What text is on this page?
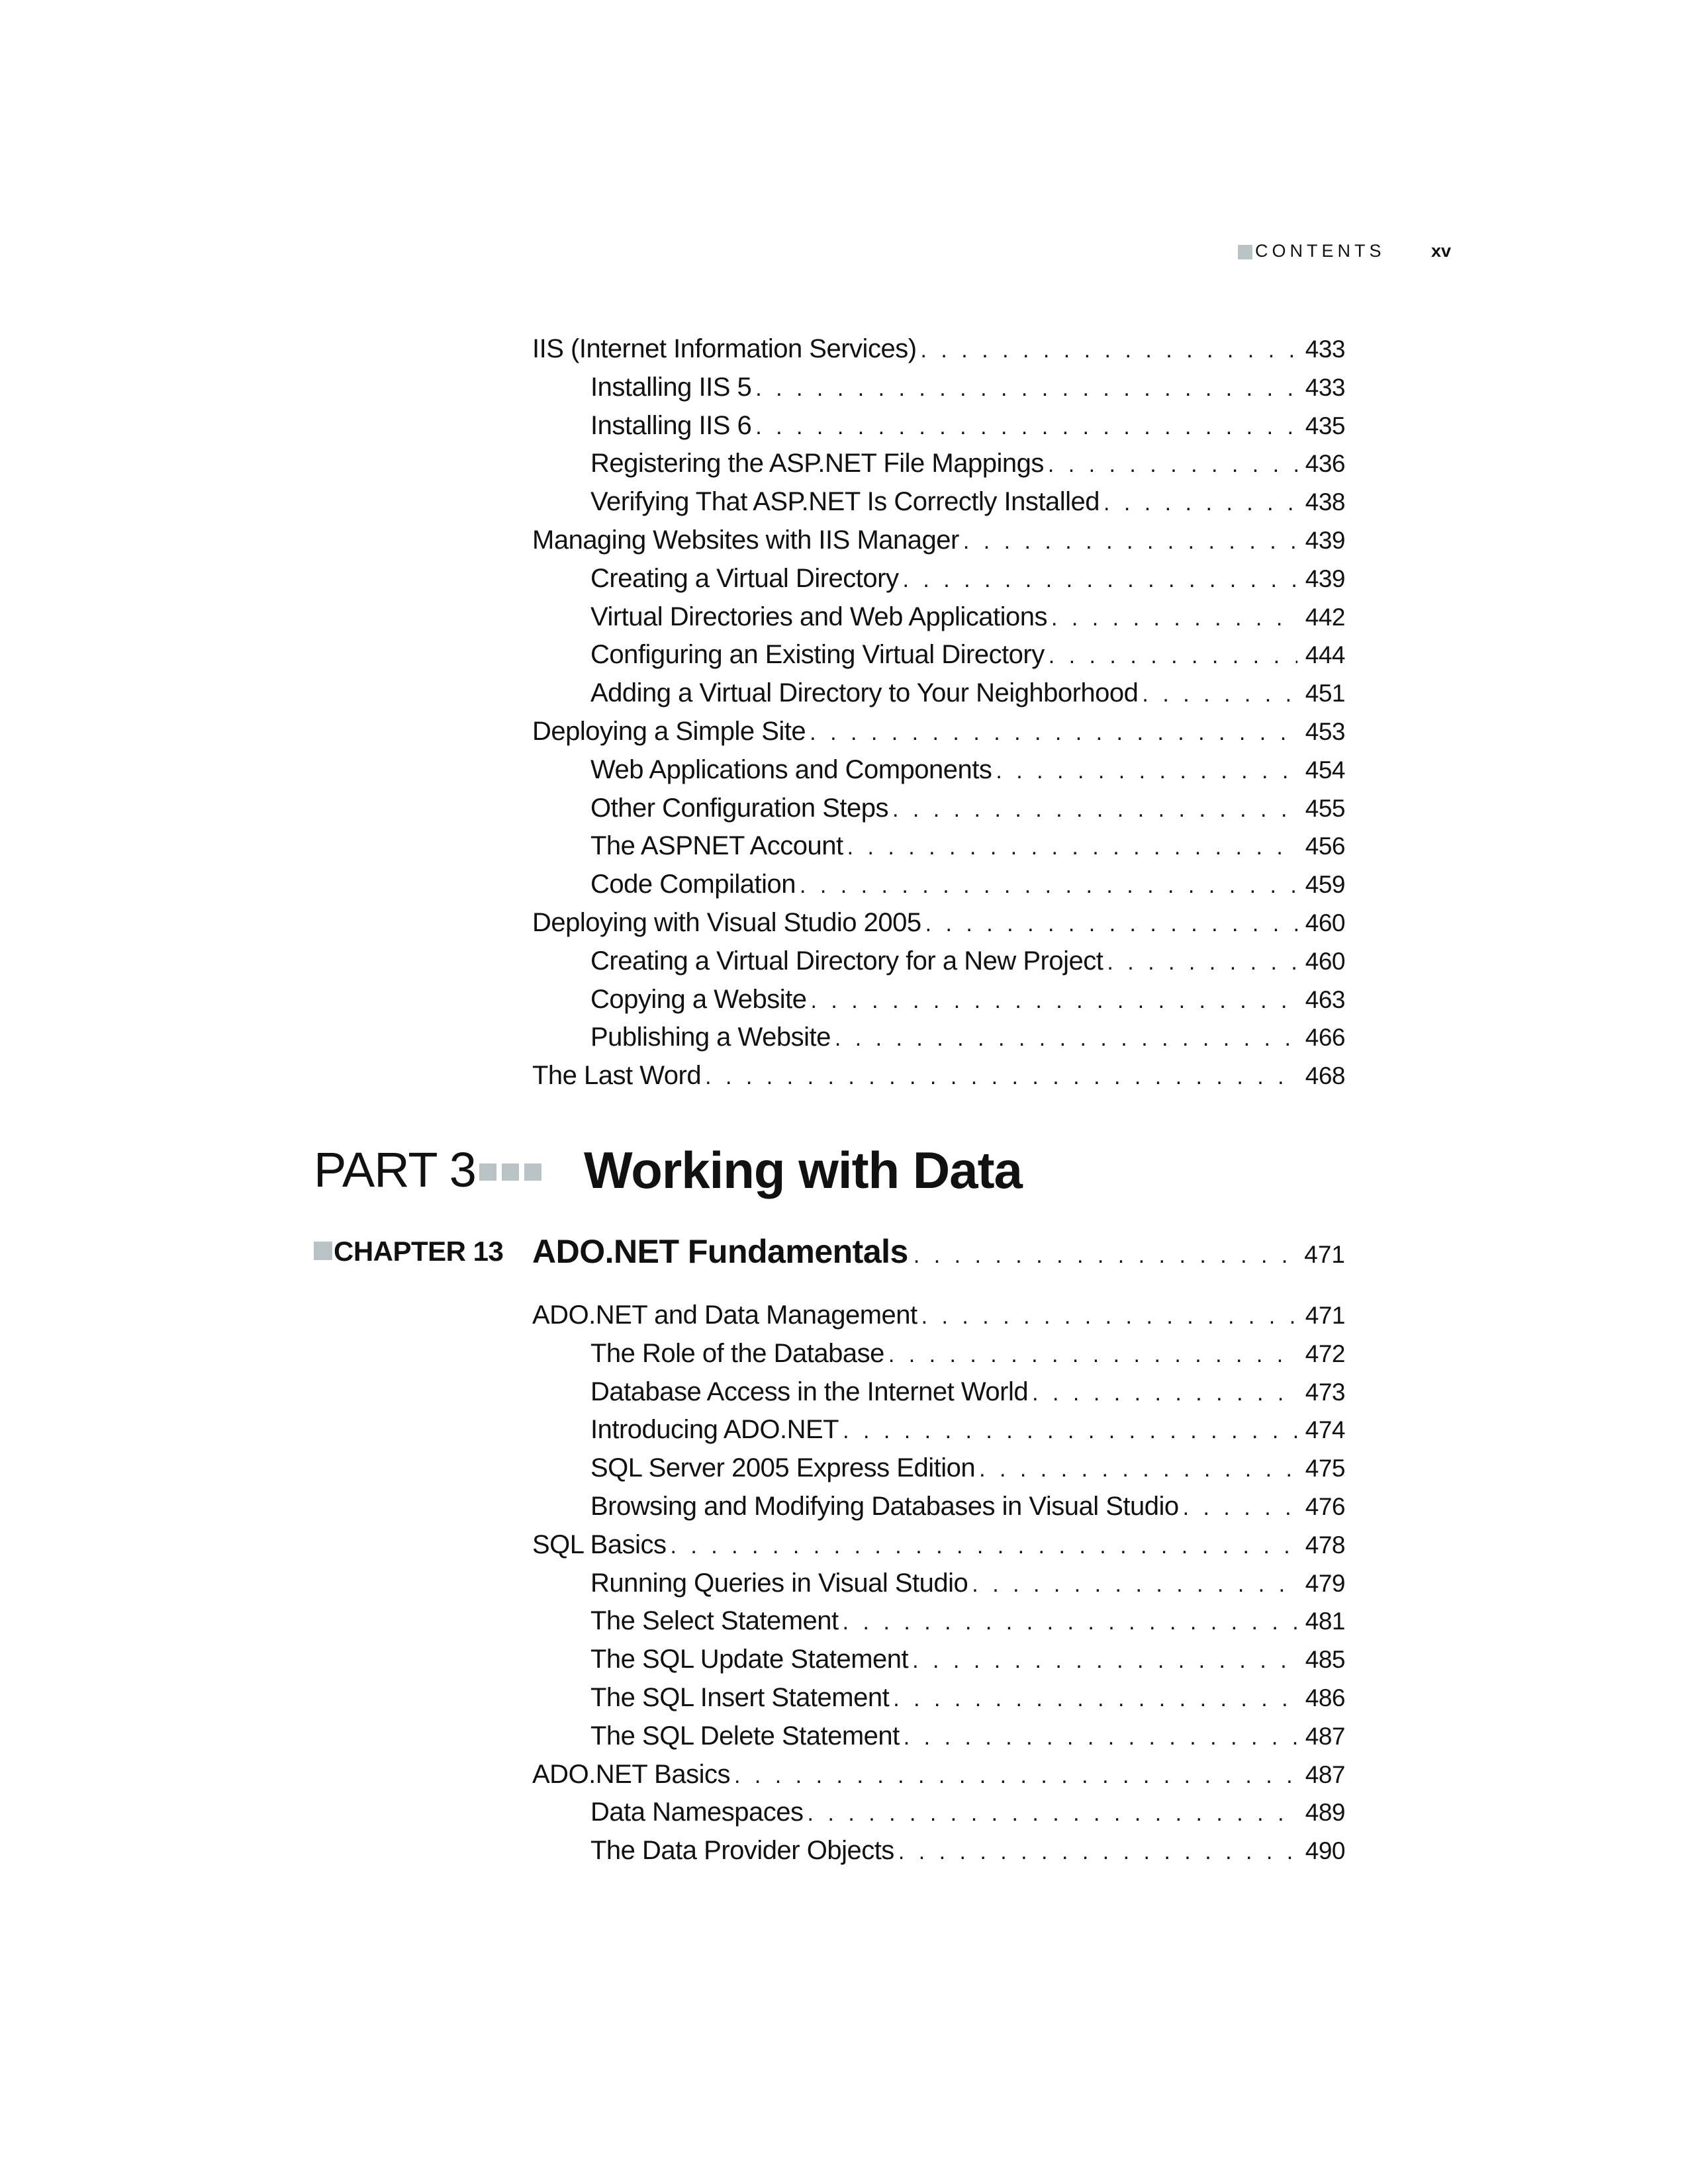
CONTENTS	xv
IIS (Internet Information Services) . . .	433
Installing IIS 5 . . .	433
Installing IIS 6 . . .	435
Registering the ASP.NET File Mappings . . .	436
Verifying That ASP.NET Is Correctly Installed . . .	438
Managing Websites with IIS Manager . . .	439
Creating a Virtual Directory . . .	439
Virtual Directories and Web Applications . . .	442
Configuring an Existing Virtual Directory . . .	444
Adding a Virtual Directory to Your Neighborhood . . .	451
Deploying a Simple Site . . .	453
Web Applications and Components . . .	454
Other Configuration Steps . . .	455
The ASPNET Account . . .	456
Code Compilation . . .	459
Deploying with Visual Studio 2005 . . .	460
Creating a Virtual Directory for a New Project . . .	460
Copying a Website . . .	463
Publishing a Website . . .	466
The Last Word . . .	468
PART 3 Working with Data
CHAPTER 13 ADO.NET Fundamentals . . .	471
ADO.NET and Data Management . . .	471
The Role of the Database . . .	472
Database Access in the Internet World . . .	473
Introducing ADO.NET . . .	474
SQL Server 2005 Express Edition . . .	475
Browsing and Modifying Databases in Visual Studio . . .	476
SQL Basics . . .	478
Running Queries in Visual Studio . . .	479
The Select Statement . . .	481
The SQL Update Statement . . .	485
The SQL Insert Statement . . .	486
The SQL Delete Statement . . .	487
ADO.NET Basics . . .	487
Data Namespaces . . .	489
The Data Provider Objects . . .	490
